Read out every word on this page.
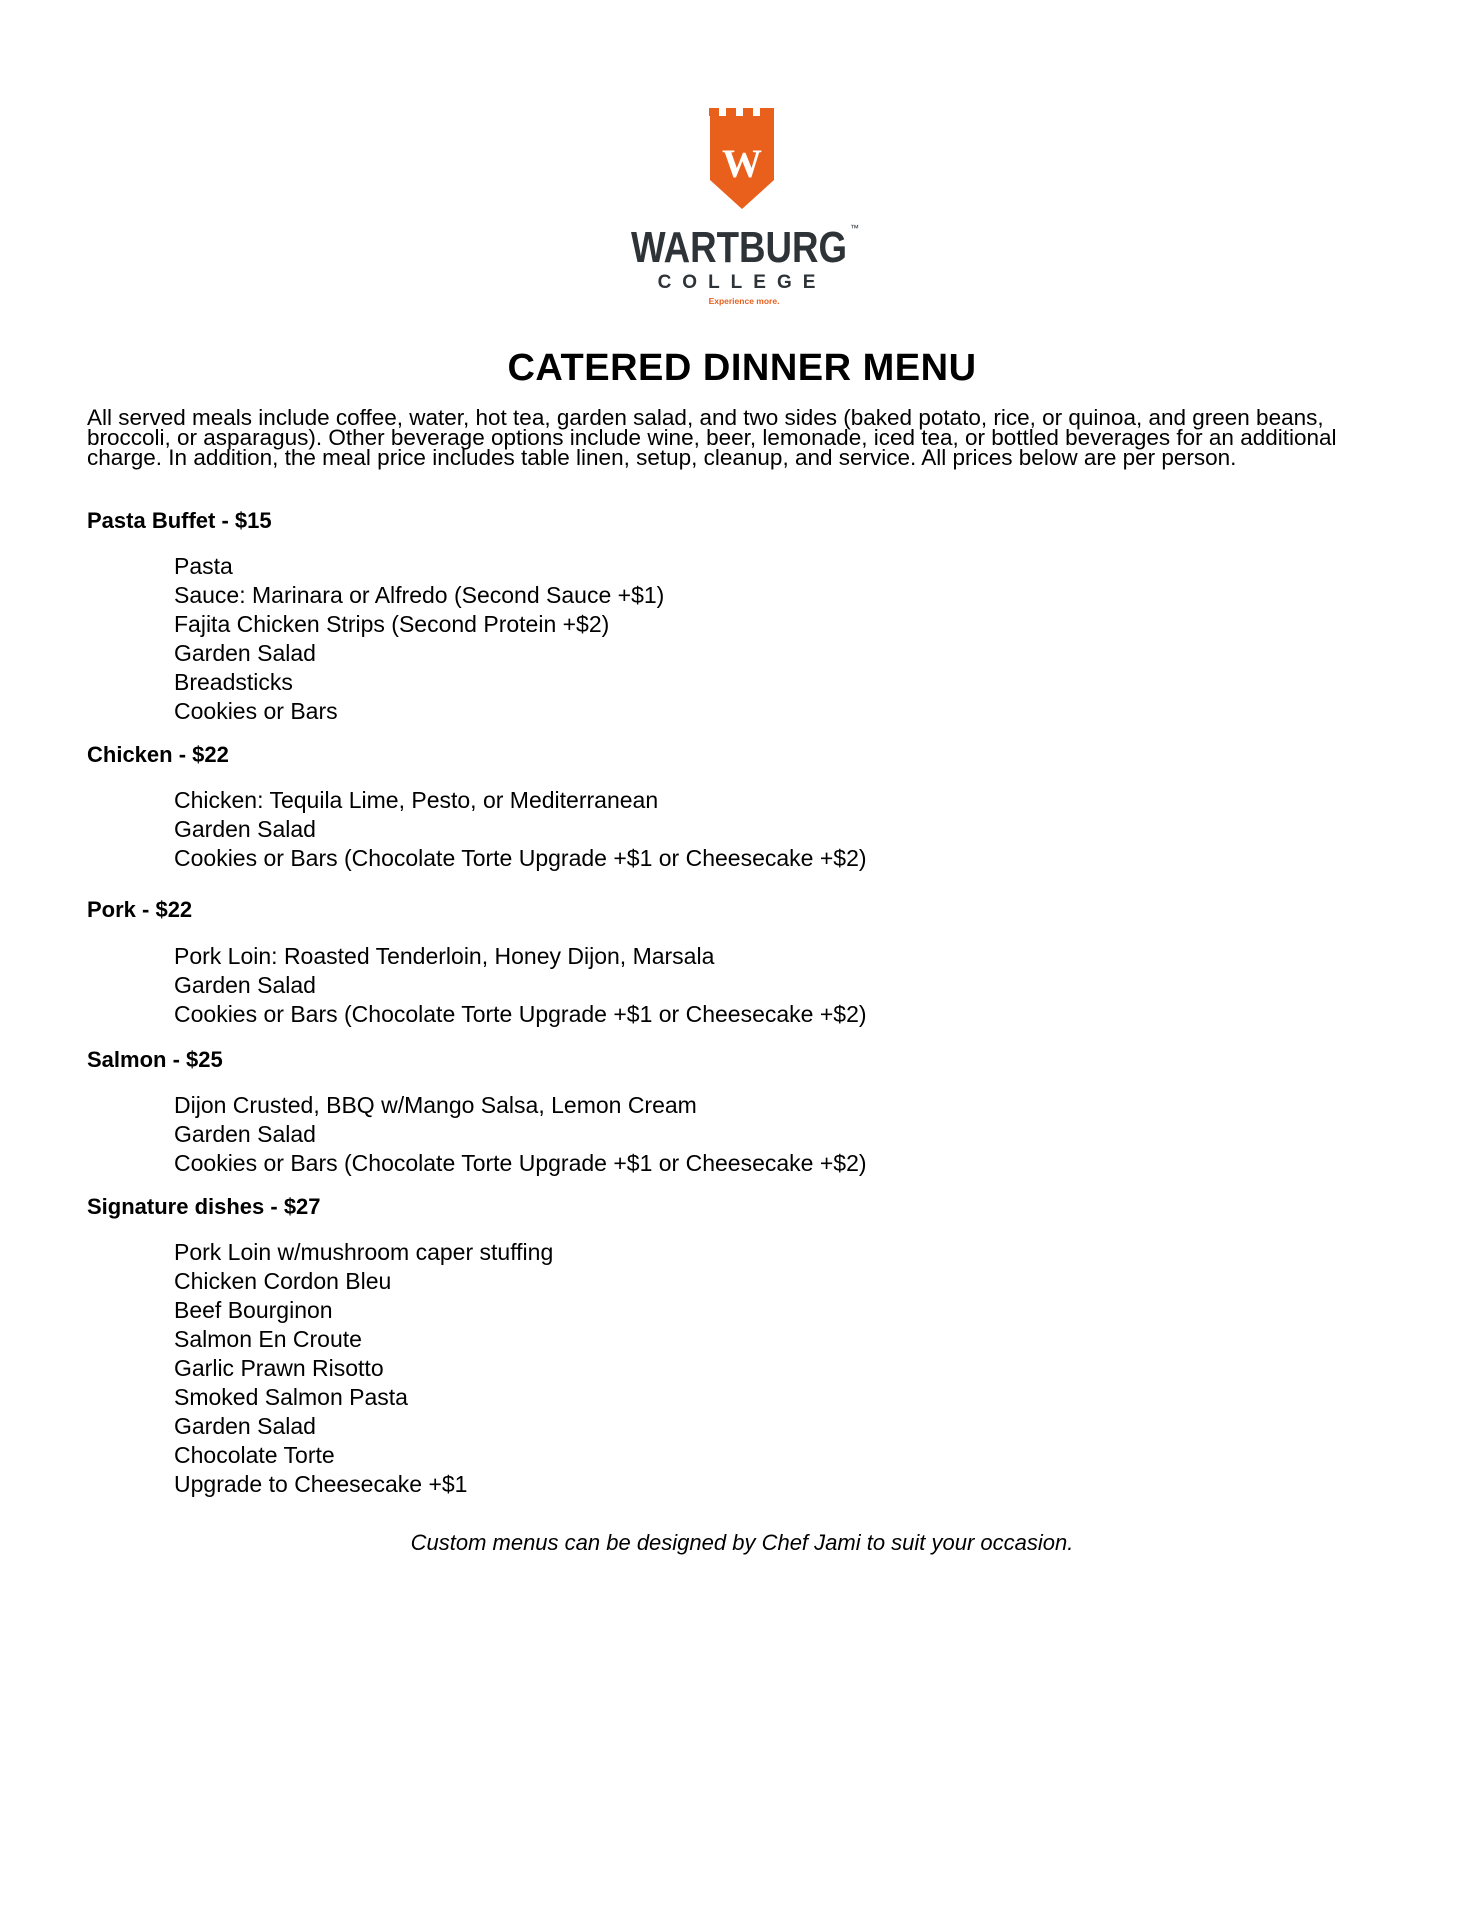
W
WARTBURG ™
COLLEGE
Experience more.
CATERED DINNER MENU
All served meals include coffee, water, hot tea, garden salad, and two sides (baked potato, rice, or quinoa, and green beans, broccoli, or asparagus). Other beverage options include wine, beer, lemonade, iced tea, or bottled beverages for an additional charge. In addition, the meal price includes table linen, setup, cleanup, and service. All prices below are per person.
Pasta Buffet - $15
Pasta
Sauce: Marinara or Alfredo (Second Sauce +$1)
Fajita Chicken Strips (Second Protein +$2)
Garden Salad
Breadsticks
Cookies or Bars
Chicken - $22
Chicken: Tequila Lime, Pesto, or Mediterranean
Garden Salad
Cookies or Bars (Chocolate Torte Upgrade +$1 or Cheesecake +$2)
Pork - $22
Pork Loin: Roasted Tenderloin, Honey Dijon, Marsala
Garden Salad
Cookies or Bars (Chocolate Torte Upgrade +$1 or Cheesecake +$2)
Salmon - $25
Dijon Crusted, BBQ w/Mango Salsa, Lemon Cream
Garden Salad
Cookies or Bars (Chocolate Torte Upgrade +$1 or Cheesecake +$2)
Signature dishes - $27
Pork Loin w/mushroom caper stuffing
Chicken Cordon Bleu
Beef Bourginon
Salmon En Croute
Garlic Prawn Risotto
Smoked Salmon Pasta
Garden Salad
Chocolate Torte
Upgrade to Cheesecake +$1
Custom menus can be designed by Chef Jami to suit your occasion.
